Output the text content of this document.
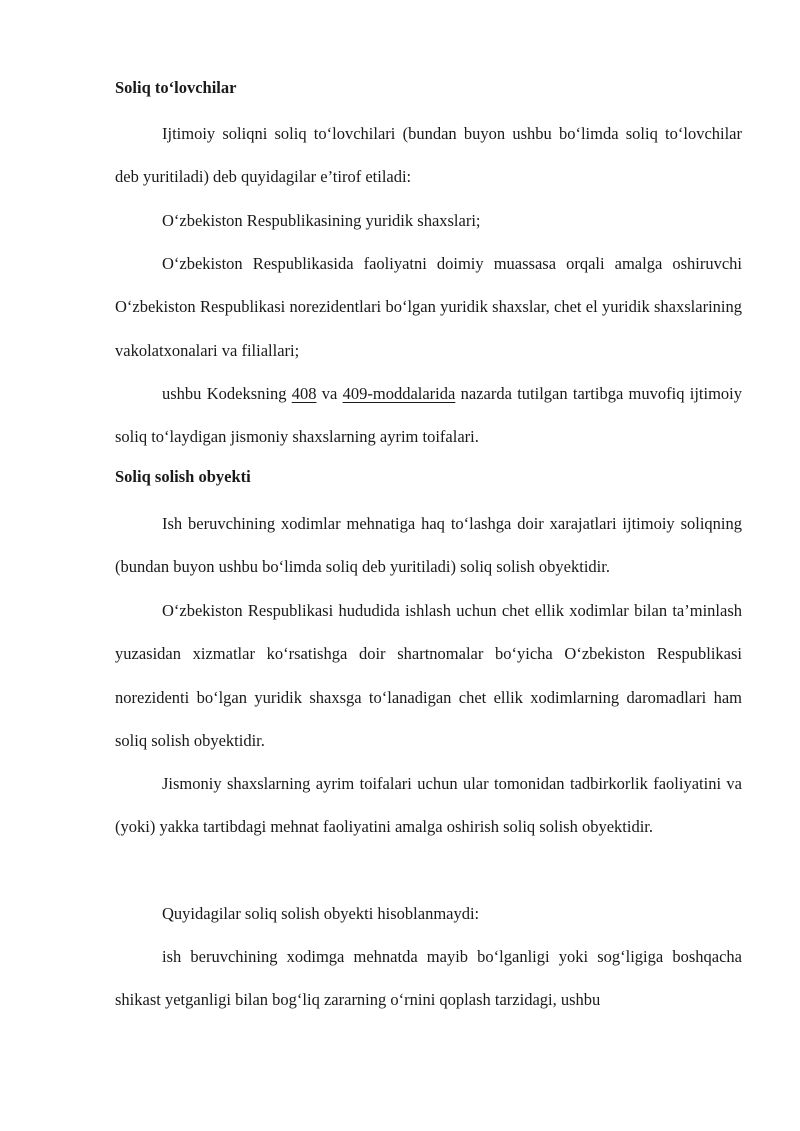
Soliq to‘lovchilar

Ijtimoiy soliqni soliq to‘lovchilari (bundan buyon ushbu bo‘limda soliq to‘lovchilar deb yuritiladi) deb quyidagilar e’tirof etiladi:

O‘zbekiston Respublikasining yuridik shaxslari;

O‘zbekiston Respublikasida faoliyatni doimiy muassasa orqali amalga oshiruvchi O‘zbekiston Respublikasi norezidentlari bo‘lgan yuridik shaxslar, chet el yuridik shaxslarining vakolatxonalari va filiallari;

ushbu Kodeksning 408 va 409-moddalarida nazarda tutilgan tartibga muvofiq ijtimoiy soliq to‘laydigan jismoniy shaxslarning ayrim toifalari.

Soliq solish obyekti

Ish beruvchining xodimlar mehnatiga haq to‘lashga doir xarajatlari ijtimoiy soliqning (bundan buyon ushbu bo‘limda soliq deb yuritiladi) soliq solish obyektidir.

O‘zbekiston Respublikasi hududida ishlash uchun chet ellik xodimlar bilan ta’minlash yuzasidan xizmatlar ko‘rsatishga doir shartnomalar bo‘yicha O‘zbekiston Respublikasi norezidenti bo‘lgan yuridik shaxsga to‘lanadigan chet ellik xodimlarning daromadlari ham soliq solish obyektidir.

Jismoniy shaxslarning ayrim toifalari uchun ular tomonidan tadbirkorlik faoliyatini va (yoki) yakka tartibdagi mehnat faoliyatini amalga oshirish soliq solish obyektidir.

Quyidagilar soliq solish obyekti hisoblanmaydi:

ish beruvchining xodimga mehnatda mayib bo‘lganligi yoki sog‘ligiga boshqacha shikast yetganligi bilan bog‘liq zararning o‘rnini qoplash tarzidagi, ushbu
